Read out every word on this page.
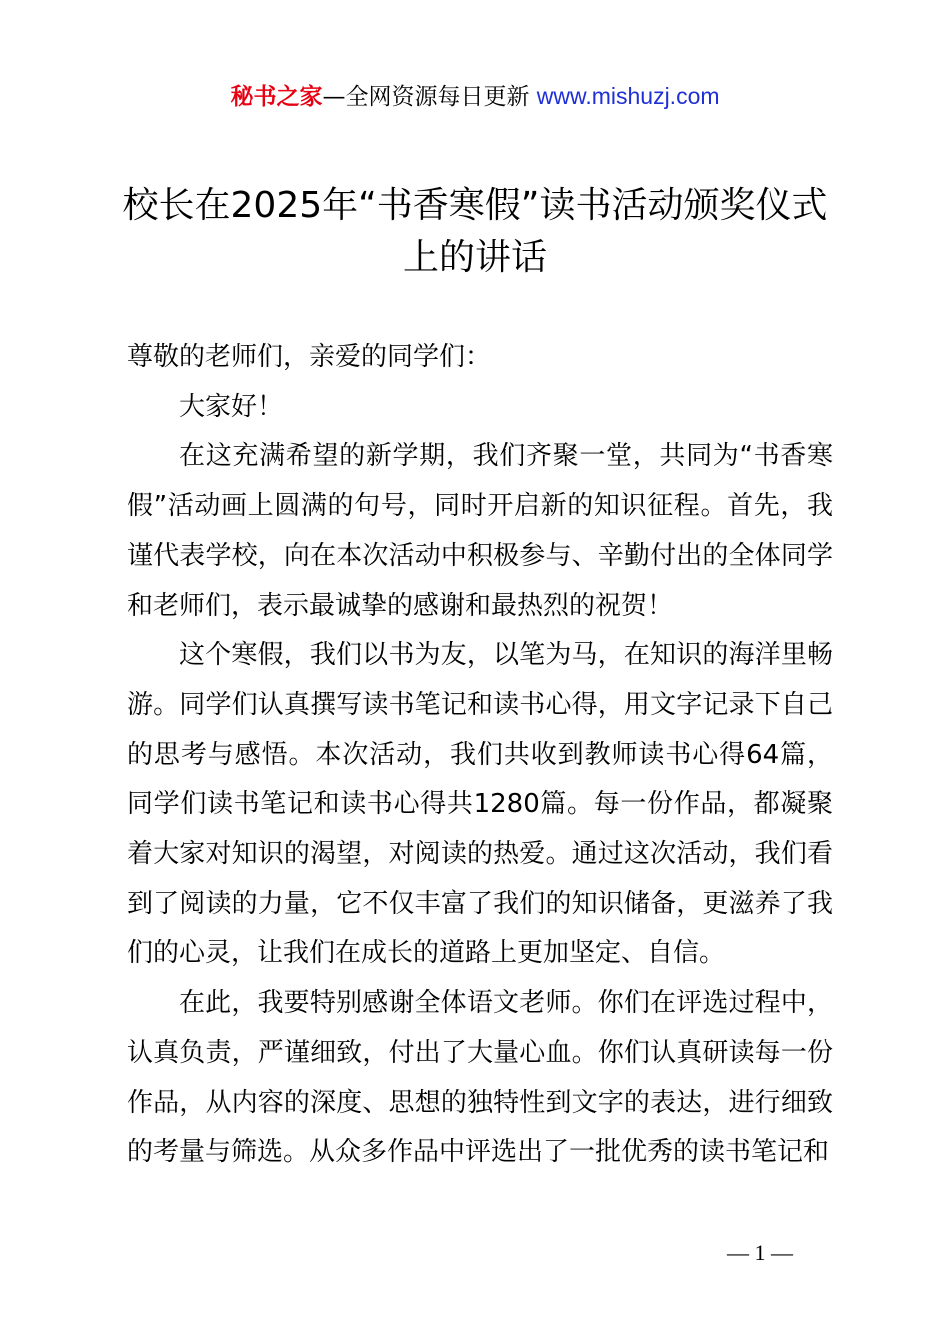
秘书之家—全网资源每日更新 www.mishuzj.com
校长在2025年“书香寒假”读书活动颁奖仪式上的讲话

尊敬的老师们，亲爱的同学们：

大家好！

在这充满希望的新学期，我们齐聚一堂，共同为“书香寒假”活动画上圆满的句号，同时开启新的知识征程。首先，我谨代表学校，向在本次活动中积极参与、辛勤付出的全体同学和老师们，表示最诚挚的感谢和最热烈的祝贺！

这个寒假，我们以书为友，以笔为马，在知识的海洋里畅游。同学们认真撰写读书笔记和读书心得，用文字记录下自己的思考与感悟。本次活动，我们共收到教师读书心得64篇，同学们读书笔记和读书心得共1280篇。每一份作品，都凝聚着大家对知识的渴望，对阅读的热爱。通过这次活动，我们看到了阅读的力量，它不仅丰富了我们的知识储备，更滋养了我们的心灵，让我们在成长的道路上更加坚定、自信。

在此，我要特别感谢全体语文老师。你们在评选过程中，认真负责，严谨细致，付出了大量心血。你们认真研读每一份作品，从内容的深度、思想的独特性到文字的表达，进行细致的考量与筛选。从众多作品中评选出了一批优秀的读书笔记和

— 1 —
